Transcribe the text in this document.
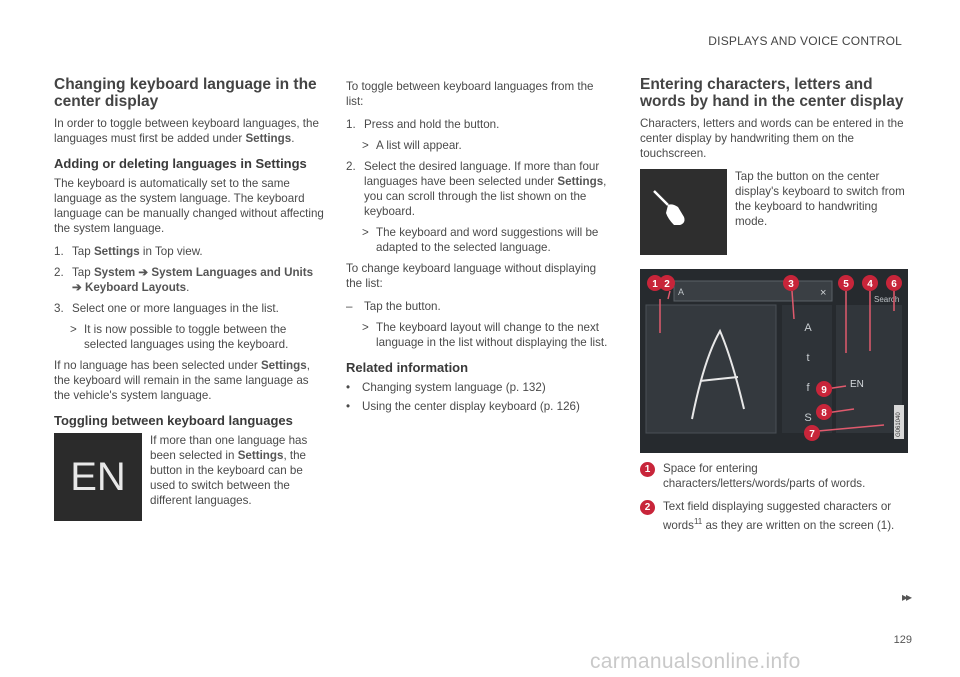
DISPLAYS AND VOICE CONTROL
Changing keyboard language in the center display

In order to toggle between keyboard languages, the languages must first be added under Settings.

Adding or deleting languages in Settings

The keyboard is automatically set to the same language as the system language. The keyboard language can be manually changed without affecting the system language.

1. Tap Settings in Top view.
2. Tap System ➔ System Languages and Units ➔ Keyboard Layouts.
3. Select one or more languages in the list.
> It is now possible to toggle between the selected languages using the keyboard.

If no language has been selected under Settings, the keyboard will remain in the same language as the vehicle's system language.

Toggling between keyboard languages
EN
If more than one language has been selected in Settings, the button in the keyboard can be used to switch between the different languages.

To toggle between keyboard languages from the list:

1. Press and hold the button.
> A list will appear.
2. Select the desired language. If more than four languages have been selected under Settings, you can scroll through the list shown on the keyboard.
> The keyboard and word suggestions will be adapted to the selected language.

To change keyboard language without displaying the list:

– Tap the button.
> The keyboard layout will change to the next language in the list without displaying the list.
Related information
•	Changing system language (p. 132)
•	Using the center display keyboard (p. 126)
Entering characters, letters and words by hand in the center display

Characters, letters and words can be entered in the center display by handwriting them on the touchscreen.

Tap the button on the center display's keyboard to switch from the keyboard to handwriting mode.
A	×
A
t
f
S
Search
EN
G061040
1 2	3	5 4 6
9
8
7
1	Space for entering characters/letters/words/parts of words.
2	Text field displaying suggested characters or words$^{11}$ as they are written on the screen (1).
▸▸
129
carmanualsonline.info
